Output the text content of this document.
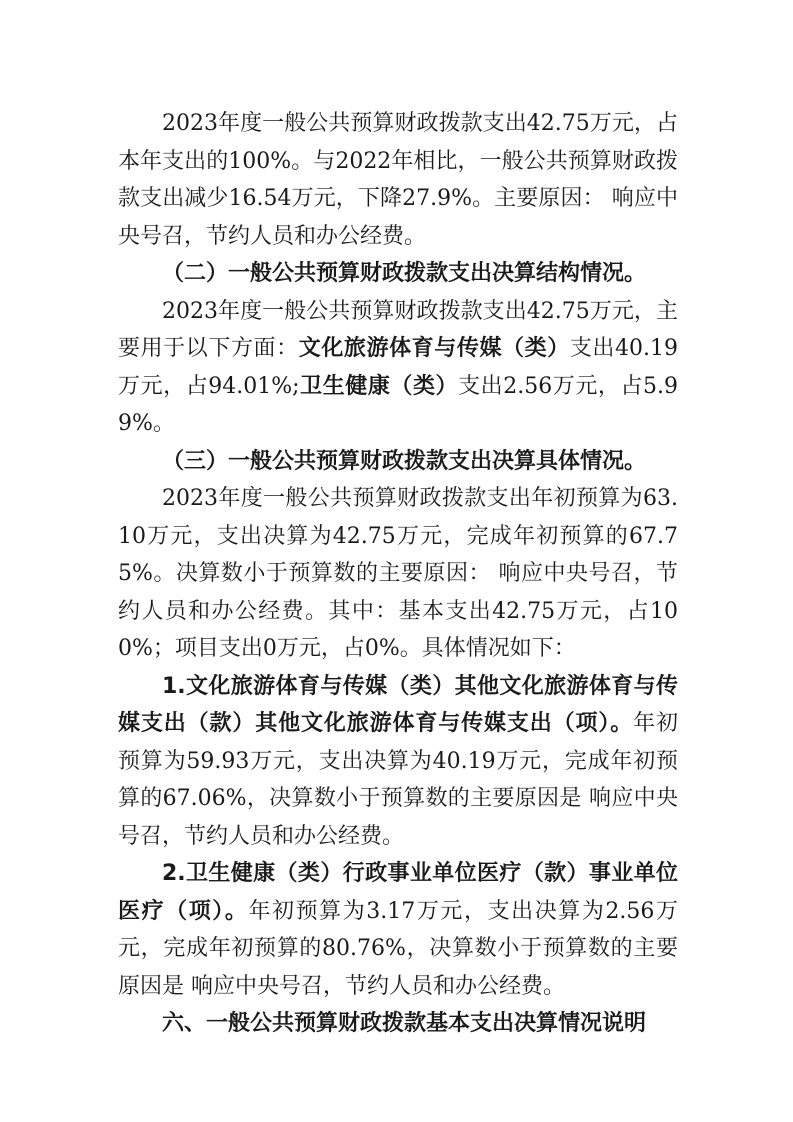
2023年度一般公共预算财政拨款支出42.75万元，占本年支出的100%。与2022年相比，一般公共预算财政拨款支出减少16.54万元，下降27.9%。主要原因： 响应中央号召，节约人员和办公经费。

（二）一般公共预算财政拨款支出决算结构情况。

2023年度一般公共预算财政拨款支出42.75万元，主要用于以下方面：文化旅游体育与传媒（类）支出40.19万元，占94.01%;卫生健康（类）支出2.56万元，占5.99%。

（三）一般公共预算财政拨款支出决算具体情况。

2023年度一般公共预算财政拨款支出年初预算为63.10万元，支出决算为42.75万元，完成年初预算的67.75%。决算数小于预算数的主要原因： 响应中央号召，节约人员和办公经费。其中：基本支出42.75万元，占100%；项目支出0万元，占0%。具体情况如下：

1.文化旅游体育与传媒（类）其他文化旅游体育与传媒支出（款）其他文化旅游体育与传媒支出（项）。年初预算为59.93万元，支出决算为40.19万元，完成年初预算的67.06%，决算数小于预算数的主要原因是 响应中央号召，节约人员和办公经费。

2.卫生健康（类）行政事业单位医疗（款）事业单位医疗（项）。年初预算为3.17万元，支出决算为2.56万元，完成年初预算的80.76%，决算数小于预算数的主要原因是 响应中央号召，节约人员和办公经费。

六、一般公共预算财政拨款基本支出决算情况说明
